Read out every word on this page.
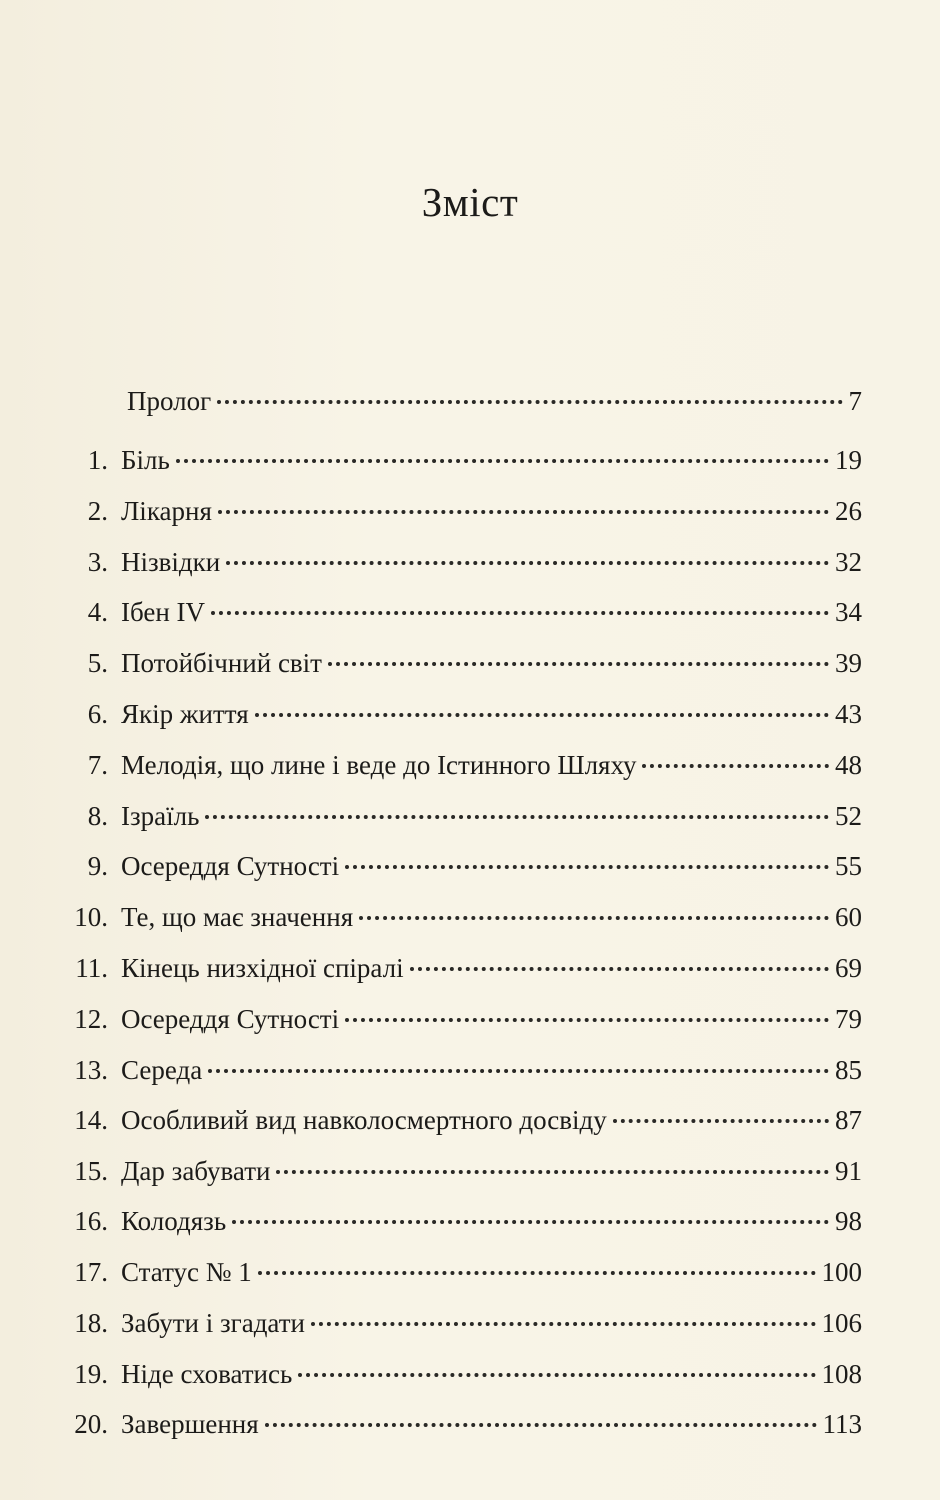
Зміст
Пролог	7
1. Біль	19
2. Лікарня	26
3. Нізвідки	32
4. Ібен IV	34
5. Потойбічний світ	39
6. Якір життя	43
7. Мелодія, що лине і веде до Істинного Шляху	48
8. Ізраїль	52
9. Осереддя Сутності	55
10. Те, що має значення	60
11. Кінець низхідної спіралі	69
12. Осереддя Сутності	79
13. Середа	85
14. Особливий вид навколосмертного досвіду	87
15. Дар забувати	91
16. Колодязь	98
17. Статус № 1	100
18. Забути і згадати	106
19. Ніде сховатись	108
20. Завершення	113
